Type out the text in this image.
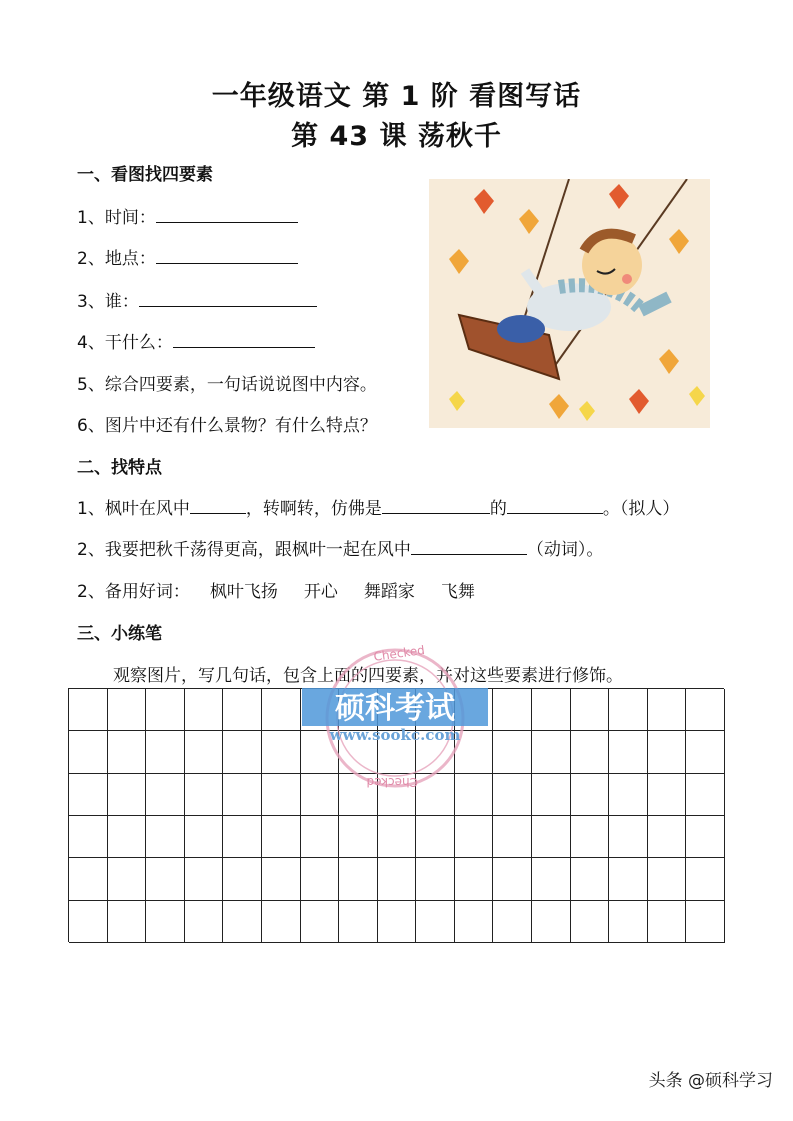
一年级语文 第 1 阶 看图写话
第 43 课 荡秋千
一、看图找四要素
1、时间：
2、地点：
3、谁：
4、干什么：
5、综合四要素，一句话说说图中内容。
6、图片中还有什么景物？有什么特点？
二、找特点
1、枫叶在风中	，转啊转，仿佛是	的	。（拟人）
2、我要把秋千荡得更高，跟枫叶一起在风中	（动词）。
2、备用好词： 枫叶飞扬 开心 舞蹈家 飞舞
三、小练笔
观察图片，写几句话，包含上面的四要素，并对这些要素进行修饰。
Checked
Checked
硕科考试
www.sookc.com
头条 @硕科学习
